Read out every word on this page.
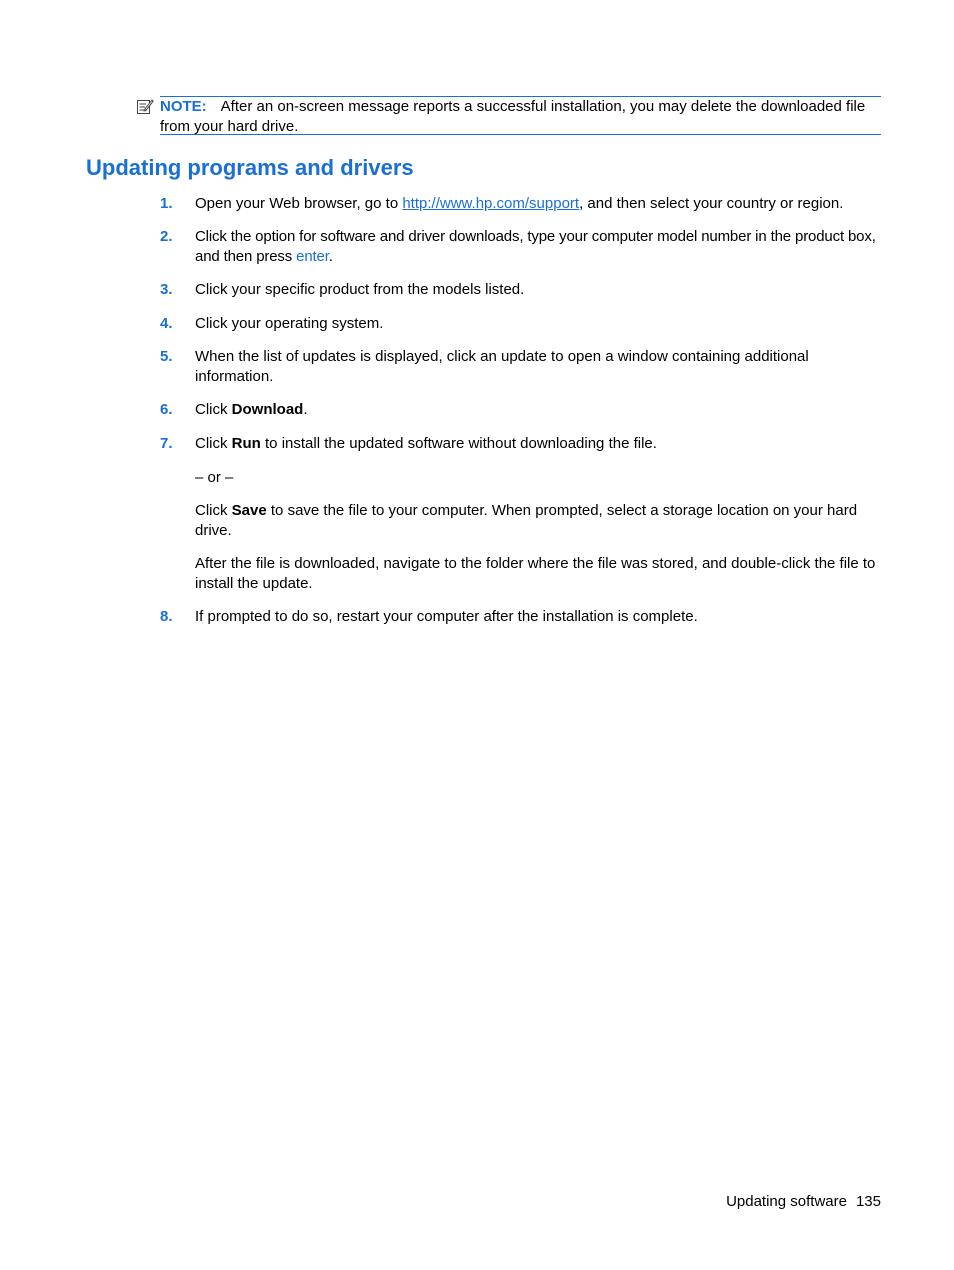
NOTE: After an on-screen message reports a successful installation, you may delete the downloaded file from your hard drive.
Updating programs and drivers
1. Open your Web browser, go to http://www.hp.com/support, and then select your country or region.
2. Click the option for software and driver downloads, type your computer model number in the product box, and then press enter.
3. Click your specific product from the models listed.
4. Click your operating system.
5. When the list of updates is displayed, click an update to open a window containing additional information.
6. Click Download.
7. Click Run to install the updated software without downloading the file.
– or –
Click Save to save the file to your computer. When prompted, select a storage location on your hard drive.
After the file is downloaded, navigate to the folder where the file was stored, and double-click the file to install the update.
8. If prompted to do so, restart your computer after the installation is complete.
Updating software 135
